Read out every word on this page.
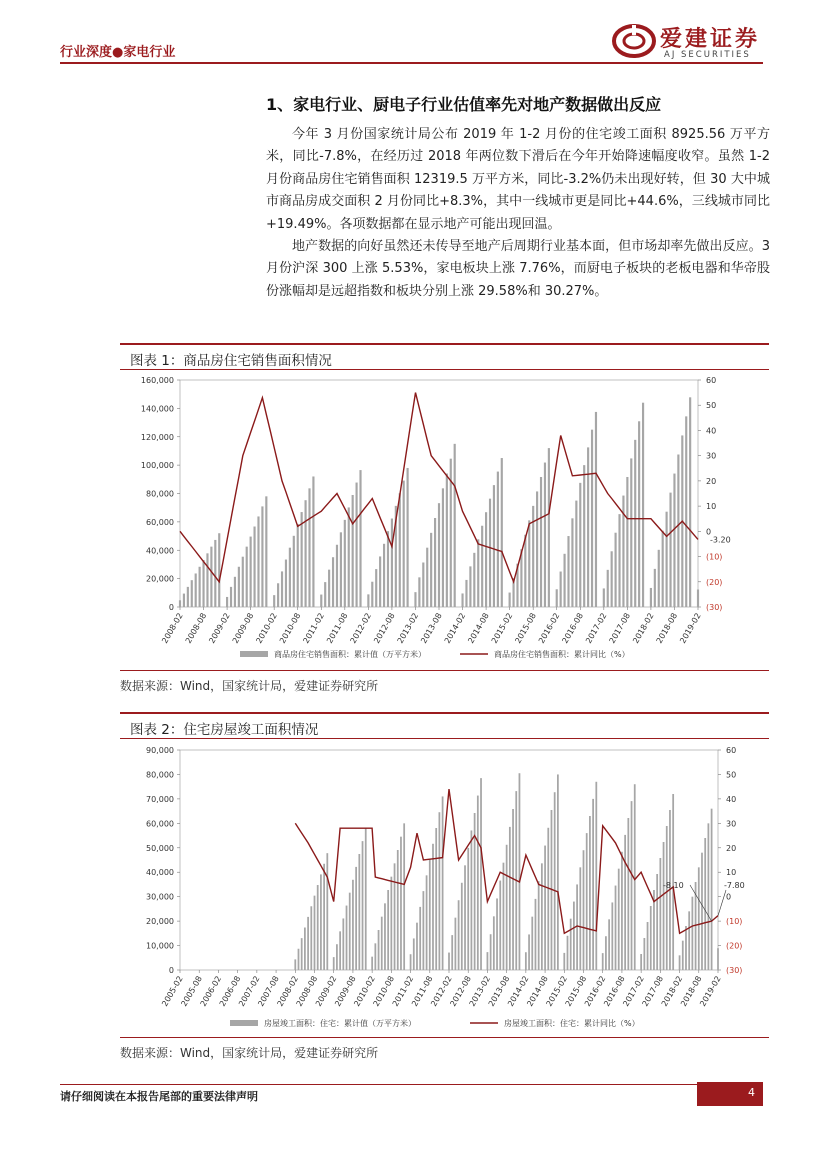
行业深度●家电行业
爱建证券
AJ SECURITIES
1、家电行业、厨电子行业估值率先对地产数据做出反应

今年 3 月份国家统计局公布 2019 年 1-2 月份的住宅竣工面积 8925.56 万平方米，同比-7.8%，在经历过 2018 年两位数下滑后在今年开始降速幅度收窄。虽然 1-2 月份商品房住宅销售面积 12319.5 万平方米，同比-3.2%仍未出现好转，但 30 大中城市商品房成交面积 2 月份同比+8.3%，其中一线城市更是同比+44.6%，三线城市同比+19.49%。各项数据都在显示地产可能出现回温。

地产数据的向好虽然还未传导至地产后周期行业基本面，但市场却率先做出反应。3 月份沪深 300 上涨 5.53%，家电板块上涨 7.76%，而厨电子板块的老板电器和华帝股份涨幅却是远超指数和板块分别上涨 29.58%和 30.27%。

图表 1：商品房住宅销售面积情况
0
20,000
40,000
60,000
80,000
100,000
120,000
140,000
160,000	60
50
40
30
20
10
0
(10)
(20)
(30)
2008-02 2008-08 2009-02 2009-08 2010-02 2010-08 2011-02 2011-08 2012-02 2012-08 2013-02 2013-08 2014-02 2014-08 2015-02 2015-08 2016-02 2016-08 2017-02 2017-08 2018-02 2018-08 2019-02
商品房住宅销售面积：累计值（万平方米）	商品房住宅销售面积：累计同比（%）
-3.20
数据来源：Wind，国家统计局，爱建证券研究所
图表 2：住宅房屋竣工面积情况
0
10,000
20,000
30,000
40,000
50,000
60,000
70,000
80,000
90,000	60
50
40
30
20
10
0
(10)
(20)
(30)
2005-02
2005-08
2006-02
2006-08
2007-02
2007-08
2008-02
2008-08
2009-02
2009-08
2010-02
2010-08
2011-02
2011-08
2012-02
2012-08
2013-02
2013-08
2014-02
2014-08
2015-02
2015-08
2016-02
2016-08
2017-02
2017-08
2018-02
2018-08
2019-02
房屋竣工面积：住宅：累计值（万平方米）	房屋竣工面积：住宅：累计同比（%）
-8.10	-7.80
数据来源：Wind，国家统计局，爱建证券研究所
请仔细阅读在本报告尾部的重要法律声明	4
